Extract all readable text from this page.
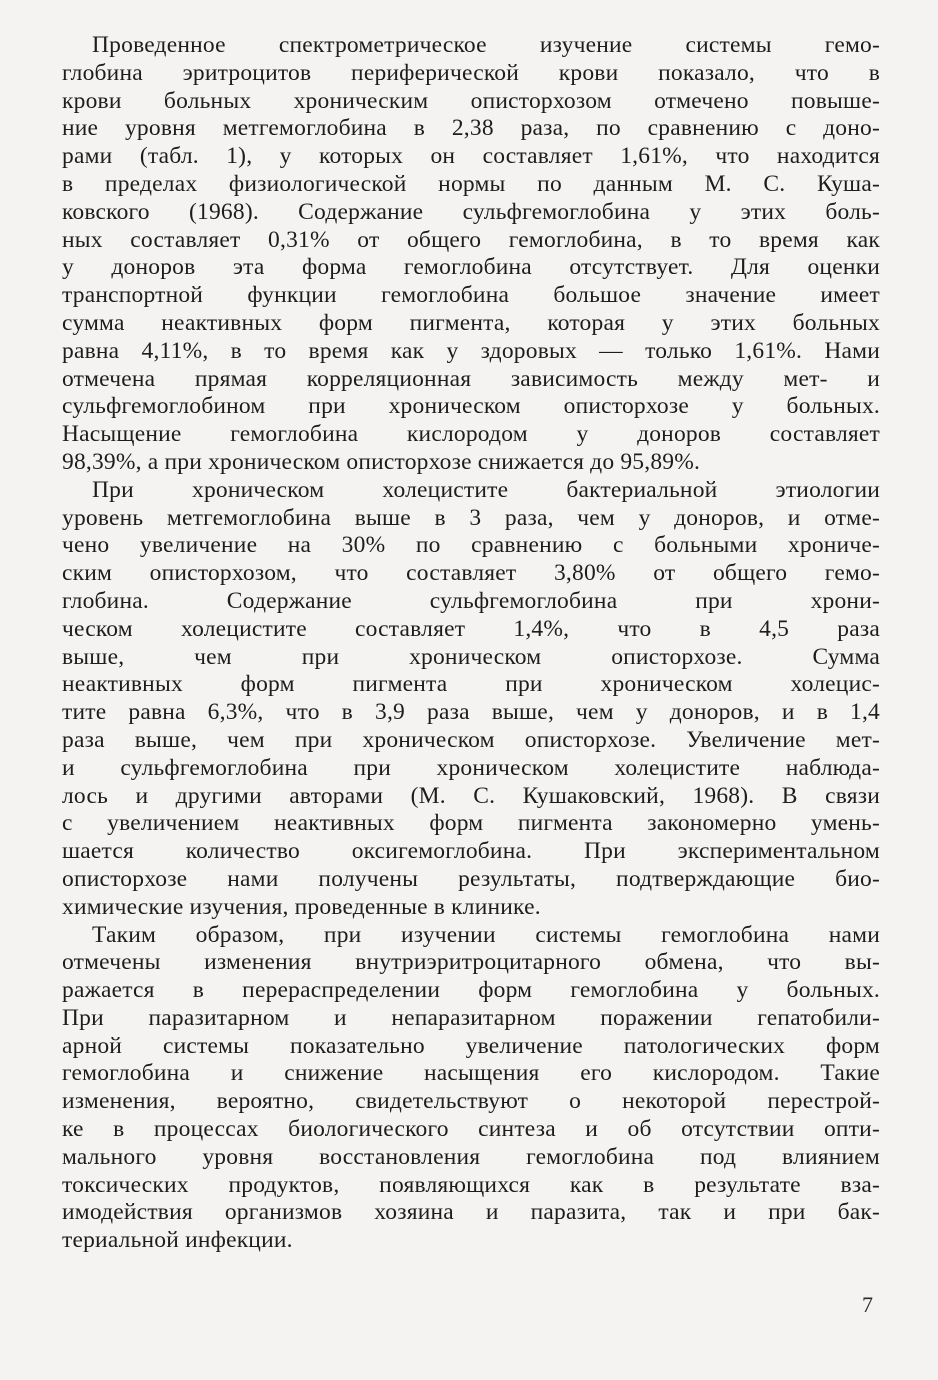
Проведенное спектрометрическое изучение системы гемо-
глобина эритроцитов периферической крови показало, что в
крови больных хроническим описторхозом отмечено повыше-
ние уровня метгемоглобина в 2,38 раза, по сравнению с доно-
рами (табл. 1), у которых он составляет 1,61%, что находится
в пределах физиологической нормы по данным М. С. Куша-
ковского (1968). Содержание сульфгемоглобина у этих боль-
ных составляет 0,31% от общего гемоглобина, в то время как
у доноров эта форма гемоглобина отсутствует. Для оценки
транспортной функции гемоглобина большое значение имеет
сумма неактивных форм пигмента, которая у этих больных
равна 4,11%, в то время как у здоровых — только 1,61%. Нами
отмечена прямая корреляционная зависимость между мет- и
сульфгемоглобином при хроническом описторхозе у больных.
Насыщение гемоглобина кислородом у доноров составляет
98,39%, а при хроническом описторхозе снижается до 95,89%.
При хроническом холецистите бактериальной этиологии
уровень метгемоглобина выше в 3 раза, чем у доноров, и отме-
чено увеличение на 30% по сравнению с больными хрониче-
ским описторхозом, что составляет 3,80% от общего гемо-
глобина. Содержание сульфгемоглобина при хрони-
ческом холецистите составляет 1,4%, что в 4,5 раза
выше, чем при хроническом описторхозе. Сумма
неактивных форм пигмента при хроническом холецис-
тите равна 6,3%, что в 3,9 раза выше, чем у доноров, и в 1,4
раза выше, чем при хроническом описторхозе. Увеличение мет-
и сульфгемоглобина при хроническом холецистите наблюда-
лось и другими авторами (М. С. Кушаковский, 1968). В связи
с увеличением неактивных форм пигмента закономерно умень-
шается количество оксигемоглобина. При экспериментальном
описторхозе нами получены результаты, подтверждающие био-
химические изучения, проведенные в клинике.
Таким образом, при изучении системы гемоглобина нами
отмечены изменения внутриэритроцитарного обмена, что вы-
ражается в перераспределении форм гемоглобина у больных.
При паразитарном и непаразитарном поражении гепатобили-
арной системы показательно увеличение патологических форм
гемоглобина и снижение насыщения его кислородом. Такие
изменения, вероятно, свидетельствуют о некоторой перестрой-
ке в процессах биологического синтеза и об отсутствии опти-
мального уровня восстановления гемоглобина под влиянием
токсических продуктов, появляющихся как в результате вза-
имодействия организмов хозяина и паразита, так и при бак-
териальной инфекции.
7
